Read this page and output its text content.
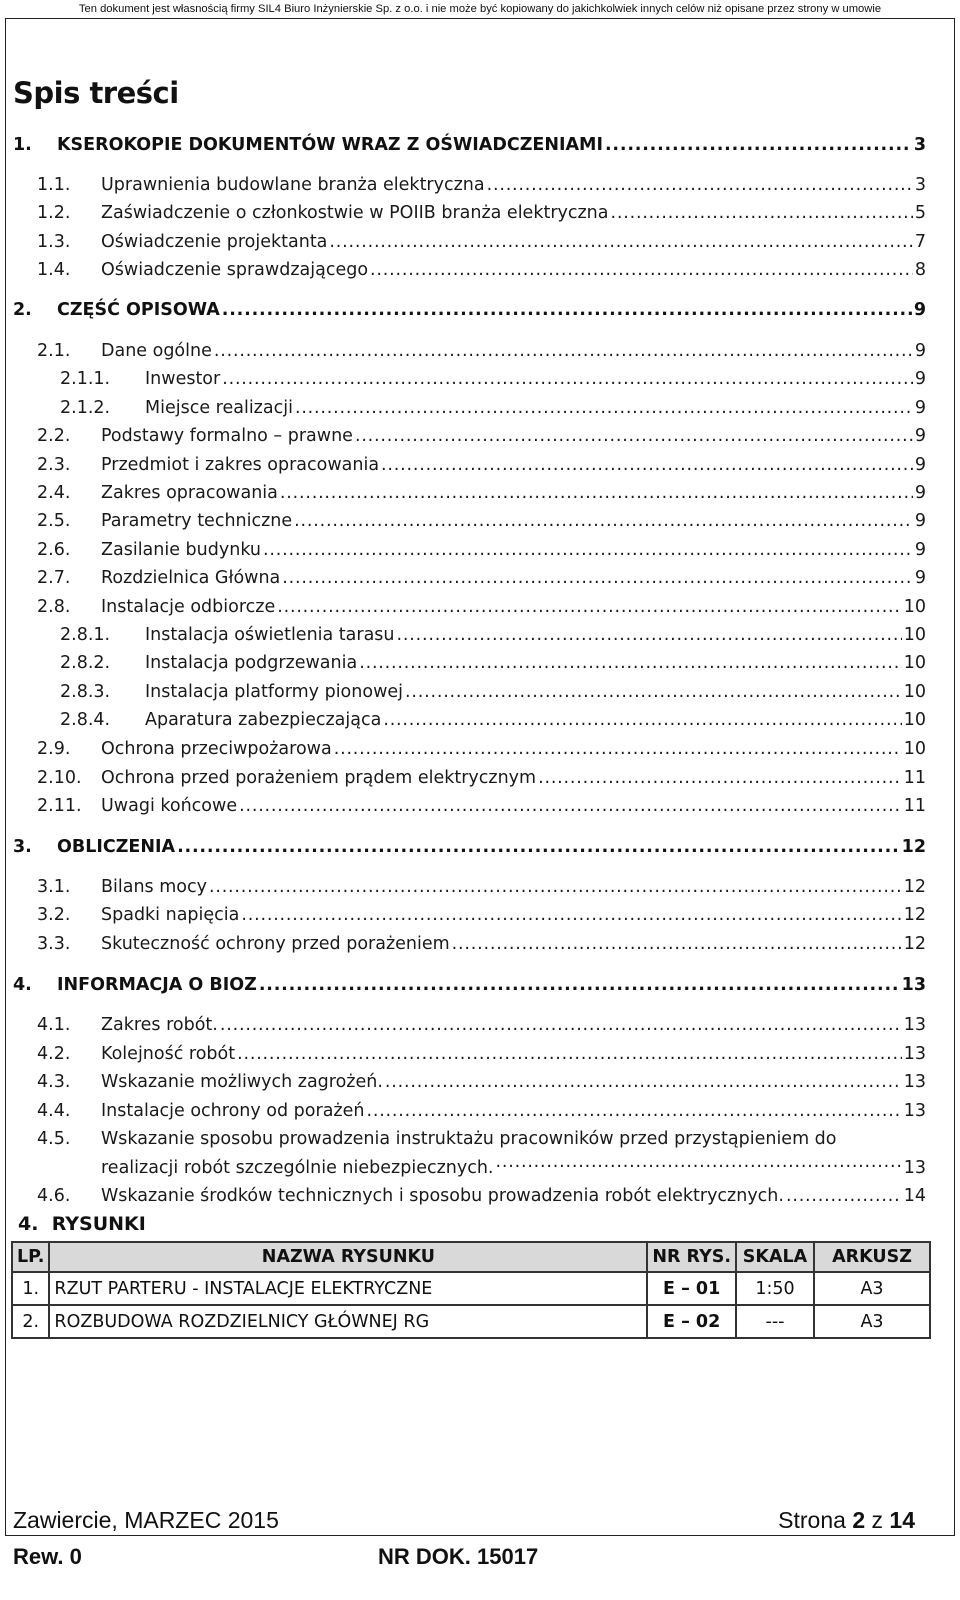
Ten dokument jest własnością firmy SIL4 Biuro Inżynierskie Sp. z o.o. i nie może być kopiowany do jakichkolwiek innych celów niż opisane przez strony w umowie
Spis treści
1.	KSEROKOPIE DOKUMENTÓW WRAZ Z OŚWIADCZENIAMI .....	3
1.1.	Uprawnienia budowlane branża elektryczna .....	3
1.2.	Zaświadczenie o członkostwie w POIIB branża elektryczna .....	5
1.3.	Oświadczenie projektanta .....	7
1.4.	Oświadczenie sprawdzającego .....	8
2.	CZĘŚĆ OPISOWA .....	9
2.1.	Dane ogólne .....	9
2.1.1.	Inwestor .....	9
2.1.2.	Miejsce realizacji .....	9
2.2.	Podstawy formalno – prawne .....	9
2.3.	Przedmiot i zakres opracowania .....	9
2.4.	Zakres opracowania .....	9
2.5.	Parametry techniczne .....	9
2.6.	Zasilanie budynku .....	9
2.7.	Rozdzielnica Główna .....	9
2.8.	Instalacje odbiorcze .....	10
2.8.1.	Instalacja oświetlenia tarasu .....	10
2.8.2.	Instalacja podgrzewania .....	10
2.8.3.	Instalacja platformy pionowej .....	10
2.8.4.	Aparatura zabezpieczająca .....	10
2.9.	Ochrona przeciwpożarowa .....	10
2.10.	Ochrona przed porażeniem prądem elektrycznym .....	11
2.11.	Uwagi końcowe .....	11
3.	OBLICZENIA .....	12
3.1.	Bilans mocy .....	12
3.2.	Spadki napięcia .....	12
3.3.	Skuteczność ochrony przed porażeniem .....	12
4.	INFORMACJA O BIOZ .....	13
4.1.	Zakres robót. .....	13
4.2.	Kolejność robót .....	13
4.3.	Wskazanie możliwych zagrożeń. .....	13
4.4.	Instalacje ochrony od porażeń .....	13
4.5.	Wskazanie sposobu prowadzenia instruktażu pracowników przed przystąpieniem do
realizacji robót szczególnie niebezpiecznych. .....	13
4.6.	Wskazanie środków technicznych i sposobu prowadzenia robót elektrycznych. .....	14
4. RYSUNKI
LP.	NAZWA RYSUNKU	NR RYS.	SKALA	ARKUSZ
1.	RZUT PARTERU - INSTALACJE ELEKTRYCZNE	E – 01	1:50	A3
2.	ROZBUDOWA ROZDZIELNICY GŁÓWNEJ RG	E – 02	---	A3
Zawiercie, MARZEC 2015	Strona 2 z 14
Rew. 0	NR DOK. 15017
